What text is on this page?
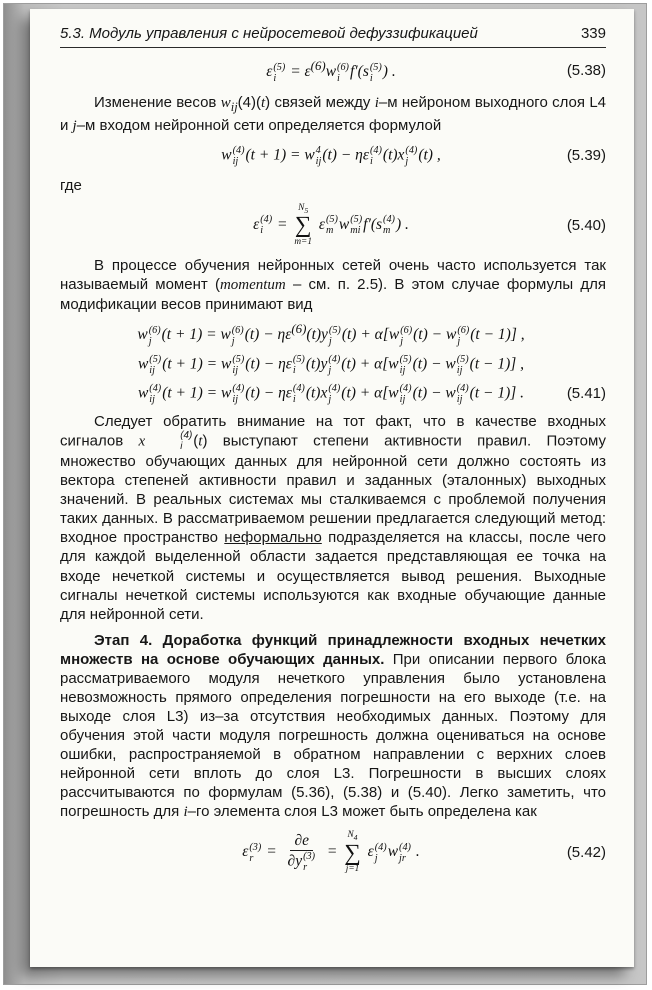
5.3. Модуль управления с нейросетевой дефуззификацией	339
ε (5)
$i = \varepsilon^{(6)}w$ (6)
i f′(s (5)
i ) .	(5.38)

Изменение весов $w_{ij}(4)(t)$ связей между i–м нейроном выходного слоя L4 и j–м входом нейронной сети определяется формулой

w (4)
ij (t + 1) = w 4
ij (t) − ηε (4)
i (t)x (4)
j (t) ,	(5.39)

где

ε (4)
i =
$N_5$
∑
m=1
ε (5)
m w (5)
mi f′(s (4)
m ) .	(5.40)

В процессе обучения нейронных сетей очень часто используется так называемый момент (momentum – см. п. 2.5). В этом случае формулы для модификации весов принимают вид

w (6)
j (t + 1) = w (6)
j $(t) - \eta\varepsilon^{(6)}(t)y$ (5)
j (t) + α[w (6)
j (t) − w (6)
j (t − 1)] ,
w (5)
ij (t + 1) = w (5)
ij (t) − ηε (5)
i (t)y (4)
j (t) + α[w (5)
ij (t) − w (5)
ij (t − 1)] ,
w (4)
ij (t + 1) = w (4)
ij (t) − ηε (4)
i (t)x (4)
j (t) + α[w (4)
ij (t) − w (4)
ij (t − 1)] .	(5.41)

Следует обратить внимание на тот факт, что в качестве входных сигналов x	(4)
i (t) выступают степени активности правил. Поэтому множество обучающих данных для нейронной сети должно состоять из вектора степеней активности правил и заданных (эталонных) выходных значений. В реальных системах мы сталкиваемся с проблемой получения таких данных. В рассматриваемом решении предлагается следующий метод: входное пространство неформально подразделяется на классы, после чего для каждой выделенной области задается представляющая ее точка на входе нечеткой системы и осуществляется вывод решения. Выходные сигналы нечеткой системы используются как входные обучающие данные для нейронной сети.

Этап 4. Доработка функций принадлежности входных нечетких множеств на основе обучающих данных. При описании первого блока рассматриваемого модуля нечеткого управления было установлена невозможность прямого определения погрешности на его выходе (т.е. на выходе слоя L3) из–за отсутствия необходимых данных. Поэтому для обучения этой части модуля погрешность должна оцениваться на основе ошибки, распространяемой в обратном направлении с верхних слоев нейронной сети вплоть до слоя L3. Погрешности в высших слоях рассчитываются по формулам (5.36), (5.38) и (5.40). Легко заметить, что погрешность для i–го элемента слоя L3 может быть определена как

ε (3)
r = ∂e
∂y (3)
r =
$N_4$
∑
j=1
ε (4)
j w (4)
jr .	(5.42)
